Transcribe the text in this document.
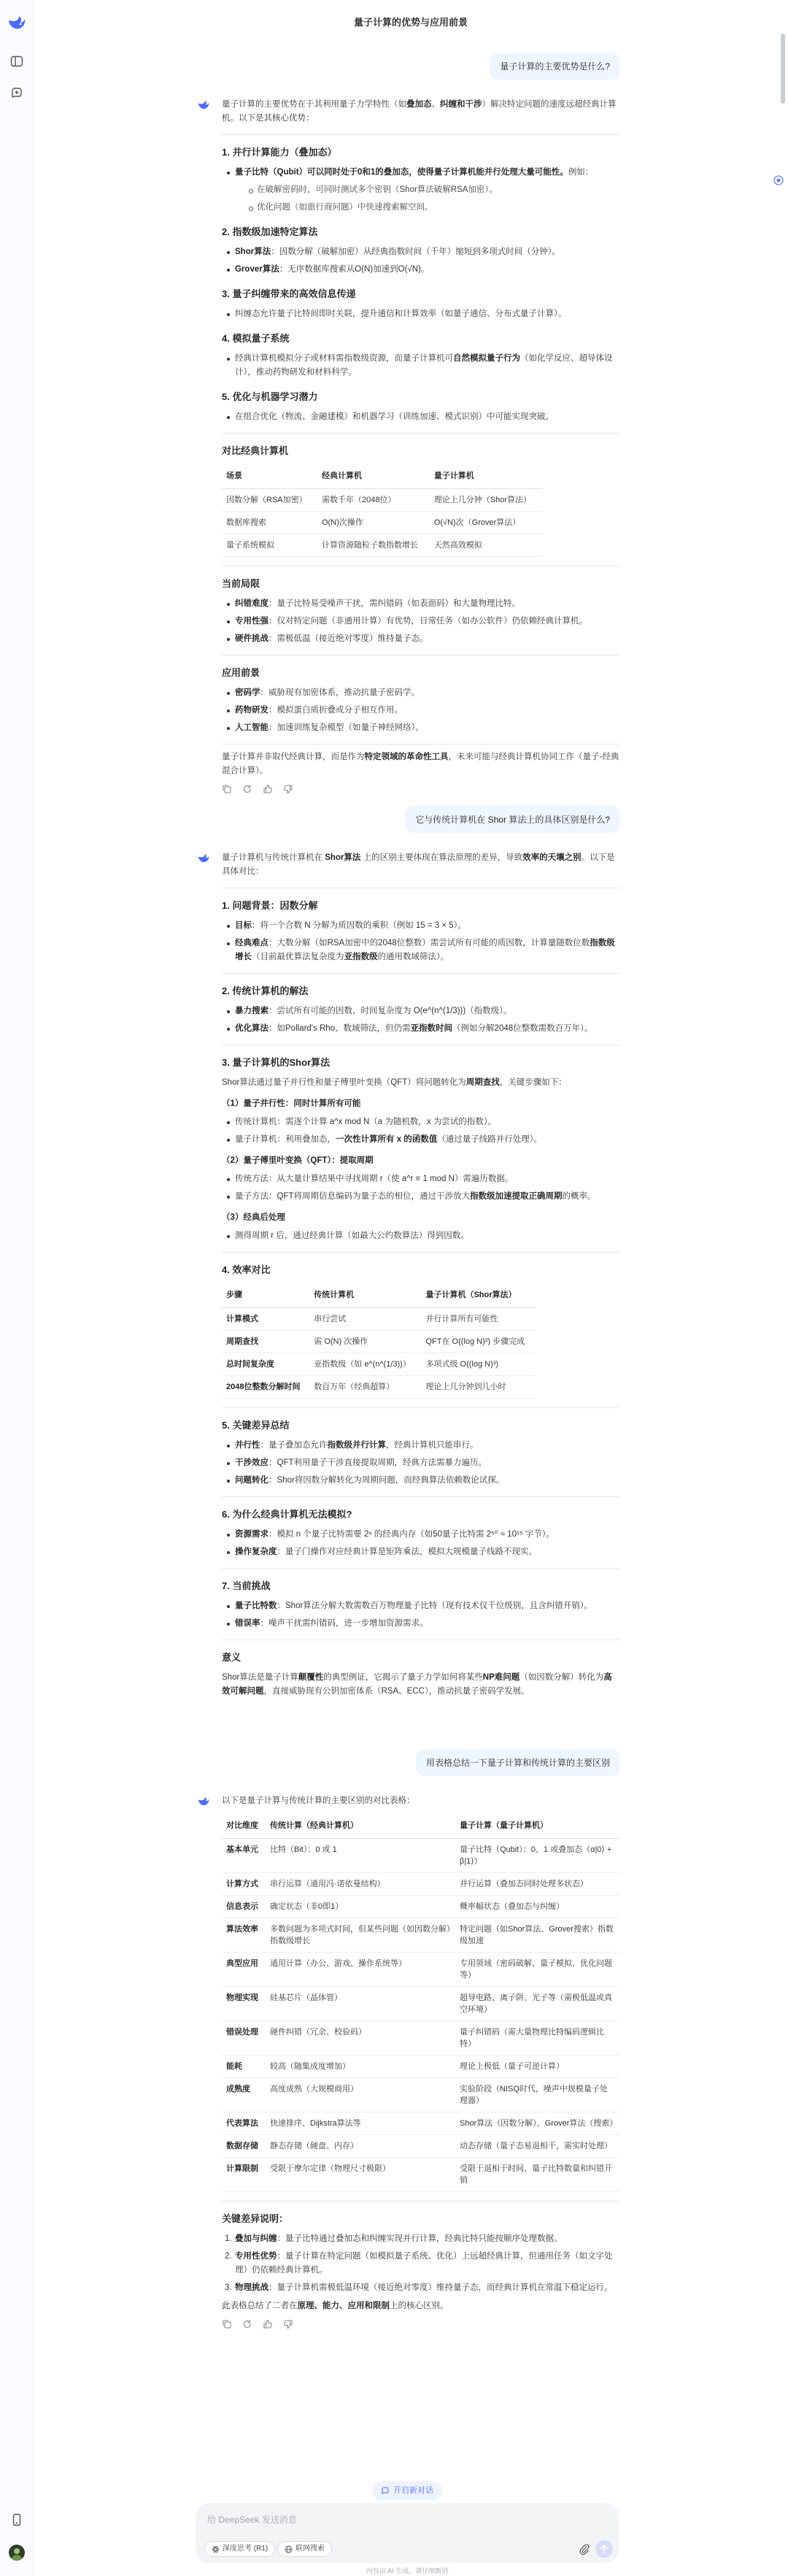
量子计算的优势与应用前景
量子计算的主要优势是什么?

量子计算的主要优势在于其利用量子力学特性（如叠加态、纠缠和干涉）解决特定问题的速度远超经典计算机。以下是其核心优势：

1. 并行计算能力（叠加态）
量子比特（Qubit）可以同时处于0和1的叠加态，使得量子计算机能并行处理大量可能性。例如：
在破解密码时，可同时测试多个密钥（Shor算法破解RSA加密）。
优化问题（如旅行商问题）中快速搜索解空间。
2. 指数级加速特定算法
Shor算法：因数分解（破解加密）从经典指数时间（千年）缩短到多项式时间（分钟）。
Grover算法：无序数据库搜索从O(N)加速到O(√N)。
3. 量子纠缠带来的高效信息传递
纠缠态允许量子比特间即时关联，提升通信和计算效率（如量子通信、分布式量子计算）。
4. 模拟量子系统
经典计算机模拟分子或材料需指数级资源，而量子计算机可自然模拟量子行为（如化学反应、超导体设计），推动药物研发和材料科学。
5. 优化与机器学习潜力
在组合优化（物流、金融建模）和机器学习（训练加速、模式识别）中可能实现突破。
对比经典计算机
场景	经典计算机	量子计算机
因数分解（RSA加密）	需数千年（2048位）	理论上几分钟（Shor算法）
数据库搜索	O(N)次操作	O(√N)次（Grover算法）
量子系统模拟	计算资源随粒子数指数增长	天然高效模拟
当前局限
纠错难度：量子比特易受噪声干扰，需纠错码（如表面码）和大量物理比特。
专用性强：仅对特定问题（非通用计算）有优势，日常任务（如办公软件）仍依赖经典计算机。
硬件挑战：需极低温（接近绝对零度）维持量子态。
应用前景
密码学：威胁现有加密体系，推动抗量子密码学。
药物研发：模拟蛋白质折叠或分子相互作用。
人工智能：加速训练复杂模型（如量子神经网络）。

量子计算并非取代经典计算，而是作为特定领域的革命性工具，未来可能与经典计算机协同工作（量子-经典混合计算）。

它与传统计算机在 Shor 算法上的具体区别是什么?

量子计算机与传统计算机在 Shor算法 上的区别主要体现在算法原理的差异，导致效率的天壤之别。以下是具体对比：

1. 问题背景：因数分解
目标：将一个合数 N 分解为质因数的乘积（例如 15 = 3 × 5）。
经典难点：大数分解（如RSA加密中的2048位整数）需尝试所有可能的质因数，计算量随数位数指数级增长（目前最优算法复杂度为亚指数级的通用数域筛法）。
2. 传统计算机的解法
暴力搜索：尝试所有可能的因数，时间复杂度为 O(e^(n^(1/3)))（指数级）。
优化算法：如Pollard's Rho、数域筛法，但仍需亚指数时间（例如分解2048位整数需数百万年）。
3. 量子计算机的Shor算法

Shor算法通过量子并行性和量子傅里叶变换（QFT）将问题转化为周期查找，关键步骤如下：

（1）量子并行性：同时计算所有可能
传统计算机：需逐个计算 a^x mod N（a 为随机数，x 为尝试的指数）。
量子计算机：利用叠加态，一次性计算所有 x 的函数值（通过量子线路并行处理）。
（2）量子傅里叶变换（QFT）：提取周期
传统方法：从大量计算结果中寻找周期 r（使 a^r ≡ 1 mod N）需遍历数据。
量子方法：QFT将周期信息编码为量子态的相位，通过干涉放大指数级加速提取正确周期的概率。
（3）经典后处理
测得周期 r 后，通过经典计算（如最大公约数算法）得到因数。
4. 效率对比
步骤	传统计算机	量子计算机（Shor算法）
计算模式	串行尝试	并行计算所有可能性
周期查找	需 O(N) 次操作	QFT在 O((log N)²) 步骤完成
总时间复杂度	亚指数级（如 e^(n^(1/3))）	多项式级 O((log N)³)
2048位整数分解时间	数百万年（经典超算）	理论上几分钟到几小时
5. 关键差异总结
并行性：量子叠加态允许指数级并行计算，经典计算机只能串行。
干涉效应：QFT利用量子干涉直接提取周期，经典方法需暴力遍历。
问题转化：Shor将因数分解转化为周期问题，而经典算法依赖数论试探。
6. 为什么经典计算机无法模拟?
资源需求：模拟 n 个量子比特需要 2ⁿ 的经典内存（如50量子比特需 2⁵⁰ ≈ 10¹⁵ 字节）。
操作复杂度：量子门操作对应经典计算是矩阵乘法，模拟大规模量子线路不现实。
7. 当前挑战
量子比特数：Shor算法分解大数需数百万物理量子比特（现有技术仅千位级别，且含纠错开销）。
错误率：噪声干扰需纠错码，进一步增加资源需求。
意义

Shor算法是量子计算颠覆性的典型例证，它揭示了量子力学如何将某些NP难问题（如因数分解）转化为高效可解问题，直接威胁现有公钥加密体系（RSA、ECC），推动抗量子密码学发展。

用表格总结一下量子计算和传统计算的主要区别

以下是量子计算与传统计算的主要区别的对比表格：

对比维度	传统计算（经典计算机）	量子计算（量子计算机）
基本单元	比特（Bit）：0 或 1	量子比特（Qubit）：0、1 或叠加态（α|0⟩ + β|1⟩）
计算方式	串行运算（通用冯·诺依曼结构）	并行运算（叠加态同时处理多状态）
信息表示	确定状态（非0即1）	概率幅状态（叠加态与纠缠）
算法效率	多数问题为多项式时间，但某些问题（如因数分解）指数级增长	特定问题（如Shor算法、Grover搜索）指数级加速
典型应用	通用计算（办公、游戏、操作系统等）	专用领域（密码破解、量子模拟、优化问题等）
物理实现	硅基芯片（晶体管）	超导电路、离子阱、光子等（需极低温或真空环境）
错误处理	硬件纠错（冗余、校验码）	量子纠错码（需大量物理比特编码逻辑比特）
能耗	较高（随集成度增加）	理论上极低（量子可逆计算）
成熟度	高度成熟（大规模商用）	实验阶段（NISQ时代，噪声中规模量子处理器）
代表算法	快速排序、Dijkstra算法等	Shor算法（因数分解）、Grover算法（搜索）
数据存储	静态存储（硬盘、内存）	动态存储（量子态易退相干，需实时处理）
计算限制	受限于摩尔定律（物理尺寸极限）	受限于退相干时间、量子比特数量和纠错开销
关键差异说明：
1. 叠加与纠缠：量子比特通过叠加态和纠缠实现并行计算，经典比特只能按顺序处理数据。
2. 专用性优势：量子计算在特定问题（如模拟量子系统、优化）上远超经典计算，但通用任务（如文字处理）仍依赖经典计算机。
3. 物理挑战：量子计算机需极低温环境（接近绝对零度）维持量子态，而经典计算机在常温下稳定运行。

此表格总结了二者在原理、能力、应用和限制上的核心区别。

开启新对话
给 DeepSeek 发送消息
深度思考 (R1)	联网搜索
内容由 AI 生成，请仔细甄别
